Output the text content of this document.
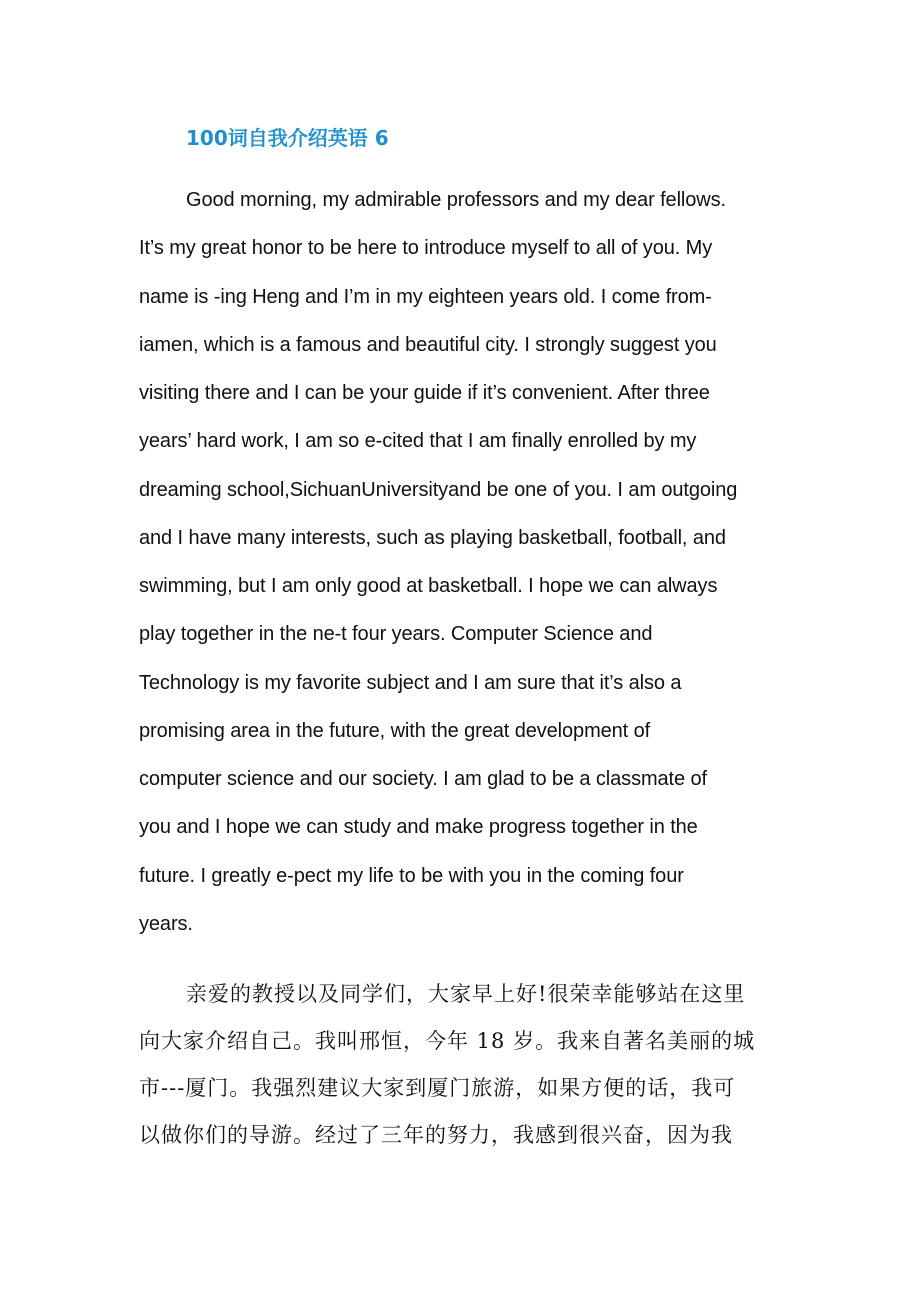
100词自我介绍英语 6
Good morning, my admirable professors and my dear fellows.
It’s my great honor to be here to introduce myself to all of you. My
name is -ing Heng and I’m in my eighteen years old. I come from-
iamen, which is a famous and beautiful city. I strongly suggest you
visiting there and I can be your guide if it’s convenient. After three
years’ hard work, I am so e-cited that I am finally enrolled by my
dreaming school,SichuanUniversityand be one of you. I am outgoing
and I have many interests, such as playing basketball, football, and
swimming, but I am only good at basketball. I hope we can always
play together in the ne-t four years. Computer Science and
Technology is my favorite subject and I am sure that it’s also a
promising area in the future, with the great development of
computer science and our society. I am glad to be a classmate of
you and I hope we can study and make progress together in the
future. I greatly e-pect my life to be with you in the coming four
years.
亲爱的教授以及同学们，大家早上好!很荣幸能够站在这里
向大家介绍自己。我叫邢恒，今年 18 岁。我来自著名美丽的城
市---厦门。我强烈建议大家到厦门旅游，如果方便的话，我可
以做你们的导游。经过了三年的努力，我感到很兴奋，因为我
